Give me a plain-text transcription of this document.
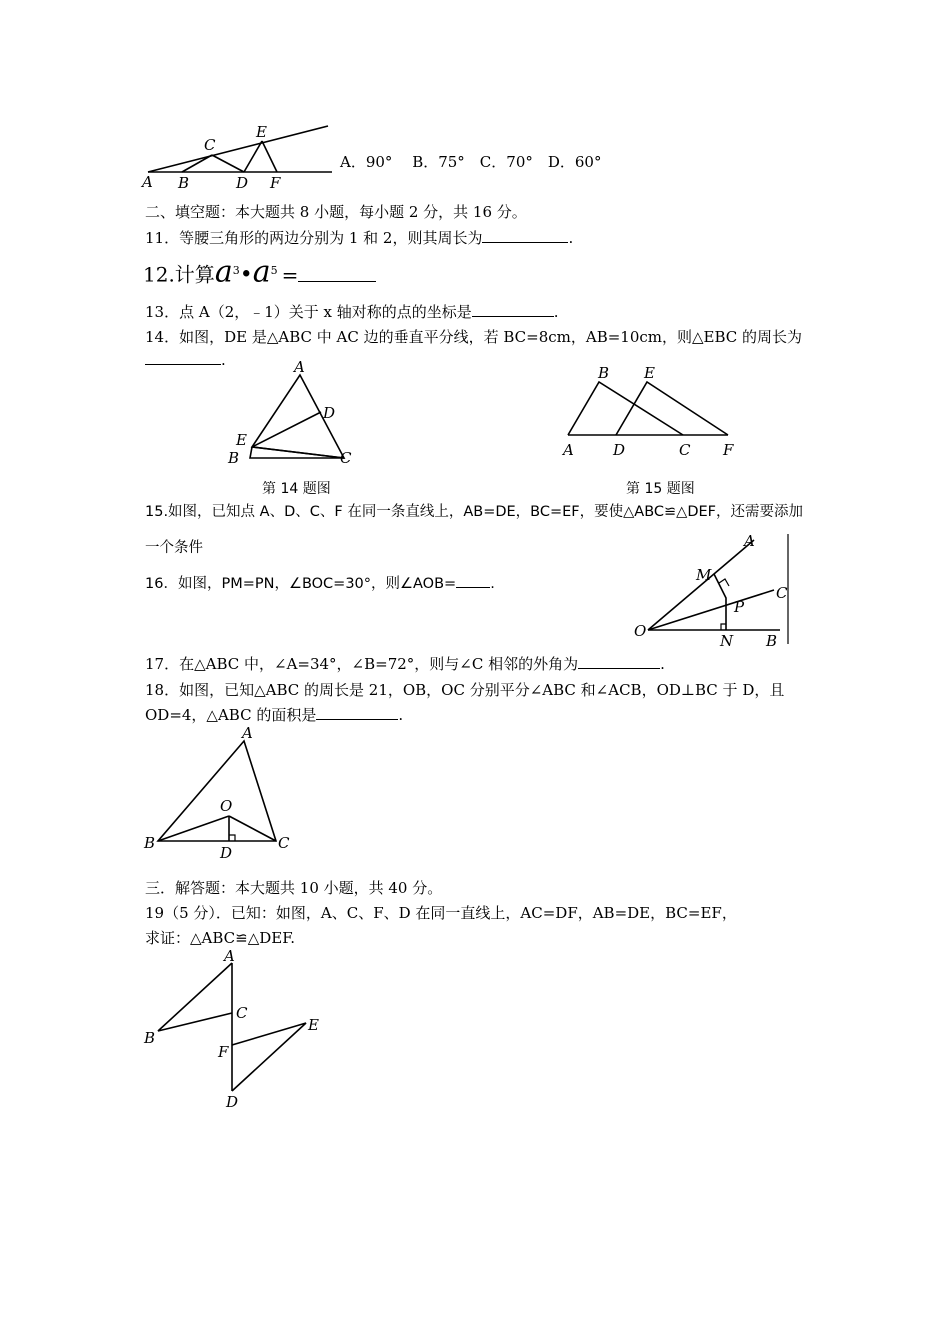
A B
C
D
E
F
A．90°　 B．75°　C．70°　D．60°
二、填空题：本大题共 8 小题，每小题 2 分，共 16 分。
11．等腰三角形的两边分别为 1 和 2，则其周长为	.
12.计算$a^3•a^5$ =
13．点 A（2，﹣1）关于 x 轴对称的点的坐标是	.
14．如图，DE 是△ABC 中 AC 边的垂直平分线，若 BC=8cm，AB=10cm，则△EBC 的周长为
.	A
D
E
B	C
第 14 题图
B E
A	D	C F
第 15 题图
15.如图，已知点 A、D、C、F 在同一条直线上，AB=DE，BC=EF，要使△ABC≌△DEF，还需要添加
一个条件
16．如图，PM=PN，∠BOC=30°，则∠AOB= .
A
M
C
P
O
N B
17．在△ABC 中，∠A=34°，∠B=72°，则与∠C 相邻的外角为	.
18．如图，已知△ABC 的周长是 21，OB，OC 分别平分∠ABC 和∠ACB，OD⊥BC 于 D，且
OD=4，△ABC 的面积是	.
A
O
B	C
D
三．解答题：本大题共 10 小题，共 40 分。
19（5 分）．已知：如图，A、C、F、D 在同一直线上，AC=DF，AB=DE，BC=EF，
求证：△ABC≌△DEF.
A
C
B
E
F
D
